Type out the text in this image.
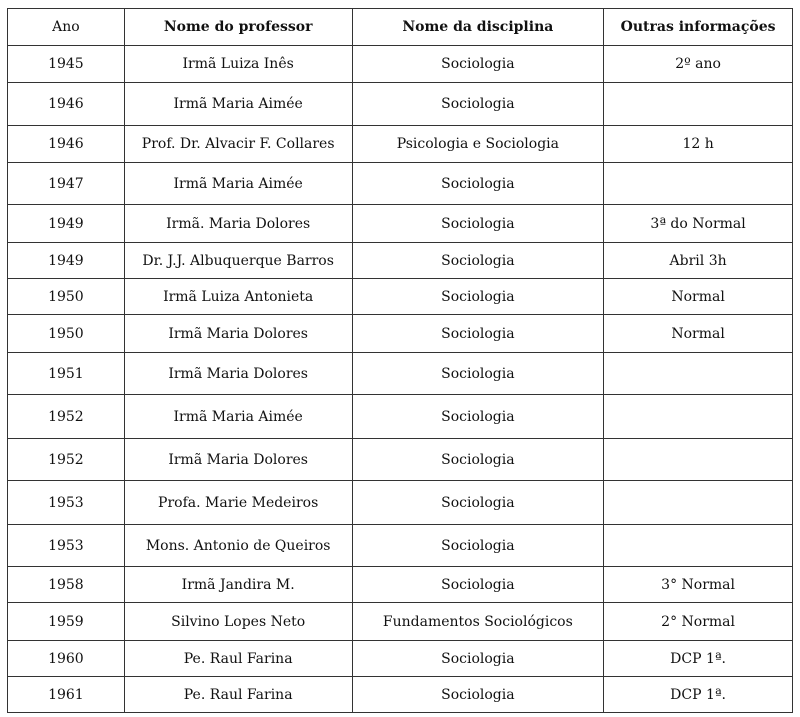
Ano	Nome do professor	Nome da disciplina	Outras informações
1945	Irmã Luiza Inês	Sociologia	2º ano
1946	Irmã Maria Aimée	Sociologia	
1946	Prof. Dr. Alvacir F. Collares	Psicologia e Sociologia	12 h
1947	Irmã Maria Aimée	Sociologia	
1949	Irmã. Maria Dolores	Sociologia	3ª do Normal
1949	Dr. J.J. Albuquerque Barros	Sociologia	Abril 3h
1950	Irmã Luiza Antonieta	Sociologia	Normal
1950	Irmã Maria Dolores	Sociologia	Normal
1951	Irmã Maria Dolores	Sociologia	
1952	Irmã Maria Aimée	Sociologia	
1952	Irmã Maria Dolores	Sociologia	
1953	Profa. Marie Medeiros	Sociologia	
1953	Mons. Antonio de Queiros	Sociologia	
1958	Irmã Jandira M.	Sociologia	3° Normal
1959	Silvino Lopes Neto	Fundamentos Sociológicos	2° Normal
1960	Pe. Raul Farina	Sociologia	DCP 1ª.
1961	Pe. Raul Farina	Sociologia	DCP 1ª.
